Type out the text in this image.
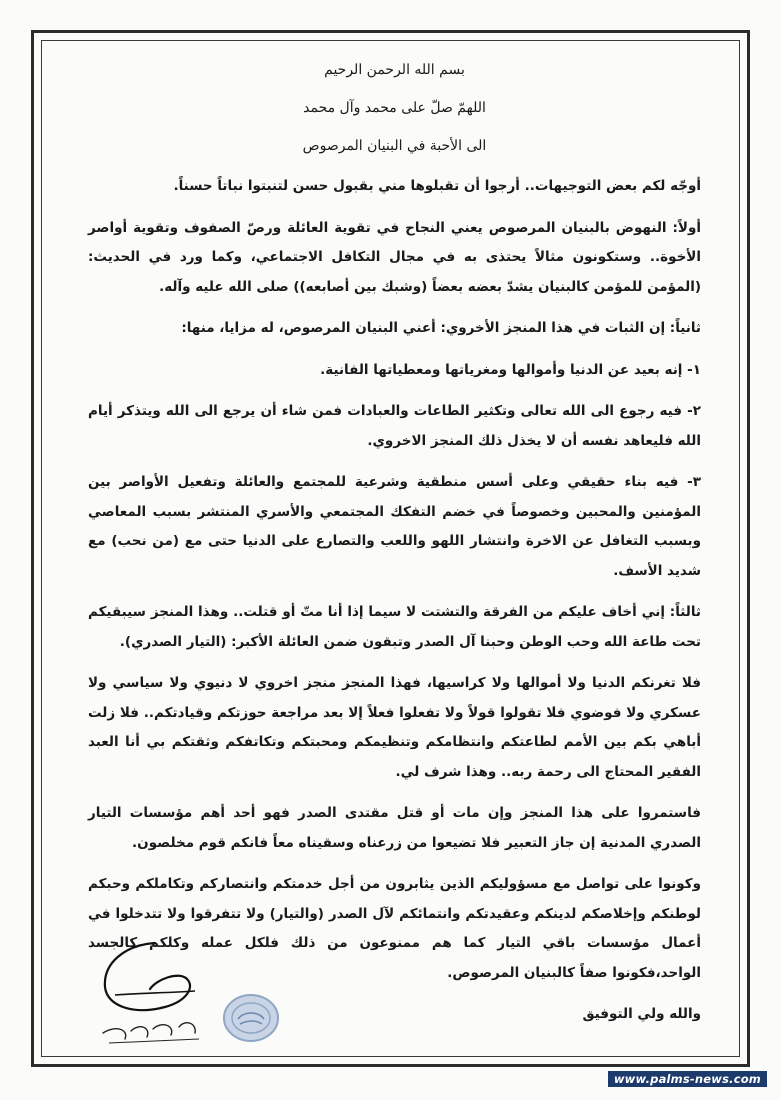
بسم الله الرحمن الرحيم

اللهمّ صلّ على محمد وآل محمد

الى الأحبة في البنيان المرصوص

أوجّه لكم بعض التوجيهات.. أرجوا أن تقبلوها مني بقبول حسن لتنبتوا نباتاً حسناً.

أولاً: النهوض بالبنيان المرصوص يعني النجاح في تقوية العائلة ورصّ الصفوف وتقوية أواصر الأخوة.. وستكونون مثالاً يحتذى به في مجال التكافل الاجتماعي، وكما ورد في الحديث: (المؤمن للمؤمن كالبنيان يشدّ بعضه بعضاً (وشبك بين أصابعه)) صلى الله عليه وآله.

ثانياً: إن الثبات في هذا المنجز الأخروي: أعني البنيان المرصوص، له مزايا، منها:

١- إنه بعيد عن الدنيا وأموالها ومغرياتها ومعطياتها الفانية.

٢- فيه رجوع الى الله تعالى وتكثير الطاعات والعبادات فمن شاء أن يرجع الى الله ويتذكر أيام الله فليعاهد نفسه أن لا يخذل ذلك المنجز الاخروي.

٣- فيه بناء حقيقي وعلى أسس منطقية وشرعية للمجتمع والعائلة وتفعيل الأواصر بين المؤمنين والمحبين وخصوصاً في خضم التفكك المجتمعي والأسري المنتشر بسبب المعاصي وبسبب التغافل عن الاخرة وانتشار اللهو واللعب والتصارع على الدنيا حتى مع (من نحب) مع شديد الأسف.

ثالثاً: إني أخاف عليكم من الفرقة والتشتت لا سيما إذا أنا متّ أو قتلت.. وهذا المنجز سيبقيكم تحت طاعة الله وحب الوطن وحبنا آل الصدر وتبقون ضمن العائلة الأكبر: (التيار الصدري).

فلا تغرنكم الدنيا ولا أموالها ولا كراسيها، فهذا المنجز منجز اخروي لا دنيوي ولا سياسي ولا عسكري ولا فوضوي فلا تقولوا قولاً ولا تفعلوا فعلاً إلا بعد مراجعة حوزتكم وقيادتكم.. فلا زلت أباهي بكم بين الأمم لطاعتكم وانتظامكم وتنظيمكم ومحبتكم وتكاتفكم وثقتكم بي أنا العبد الفقير المحتاج الى رحمة ربه.. وهذا شرف لي.

فاستمروا على هذا المنجز وإن مات أو قتل مقتدى الصدر فهو أحد أهم مؤسسات التيار الصدري المدنية إن جاز التعبير فلا تضيعوا من زرعناه وسقيناه معاً فانكم قوم مخلصون.

وكونوا على تواصل مع مسؤوليكم الذين يثابرون من أجل خدمتكم وانتصاركم وتكاملكم وحبكم لوطنكم وإخلاصكم لدينكم وعقيدتكم وانتمائكم لآل الصدر (والتيار) ولا تتفرقوا ولا تتدخلوا في أعمال مؤسسات باقي التيار كما هم ممنوعون من ذلك فلكل عمله وكلكم كالجسد الواحد،فكونوا صفاً كالبنيان المرصوص.

والله ولي التوفيق

www.palms-news.com
